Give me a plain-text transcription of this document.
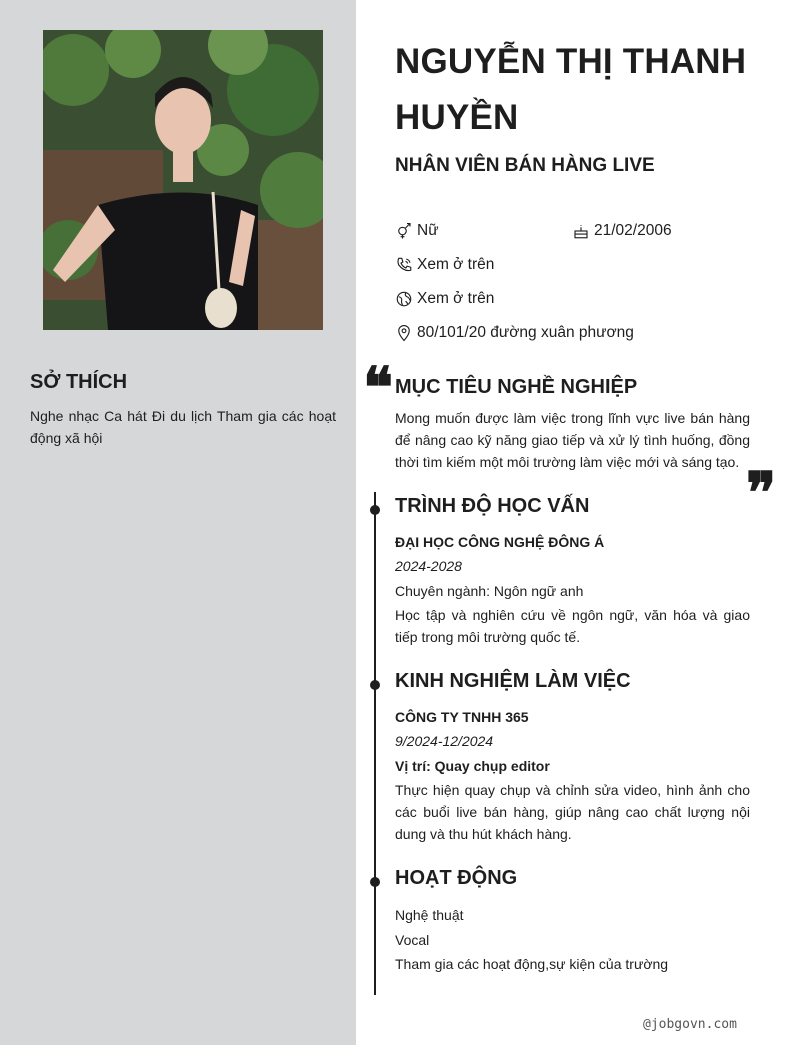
SỞ THÍCH

Nghe nhạc Ca hát Đi du lịch Tham gia các hoạt động xã hội

NGUYỄN THỊ THANH HUYỀN
NHÂN VIÊN BÁN HÀNG LIVE
Nữ	21/02/2006
Xem ở trên
Xem ở trên
80/101/20 đường xuân phương
❝ MỤC TIÊU NGHỀ NGHIỆP

Mong muốn được làm việc trong lĩnh vực live bán hàng để nâng cao kỹ năng giao tiếp và xử lý tình huống, đồng thời tìm kiếm một môi trường làm việc mới và sáng tạo. ❞
TRÌNH ĐỘ HỌC VẤN
ĐẠI HỌC CÔNG NGHỆ ĐÔNG Á
2024-2028
Chuyên ngành: Ngôn ngữ anh

Học tập và nghiên cứu về ngôn ngữ, văn hóa và giao tiếp trong môi trường quốc tế.

KINH NGHIỆM LÀM VIỆC
CÔNG TY TNHH 365
9/2024-12/2024
Vị trí: Quay chụp editor

Thực hiện quay chụp và chỉnh sửa video, hình ảnh cho các buổi live bán hàng, giúp nâng cao chất lượng nội dung và thu hút khách hàng.

HOẠT ĐỘNG
Nghệ thuật
Vocal
Tham gia các hoạt động,sự kiện của trường
@jobgovn.com
